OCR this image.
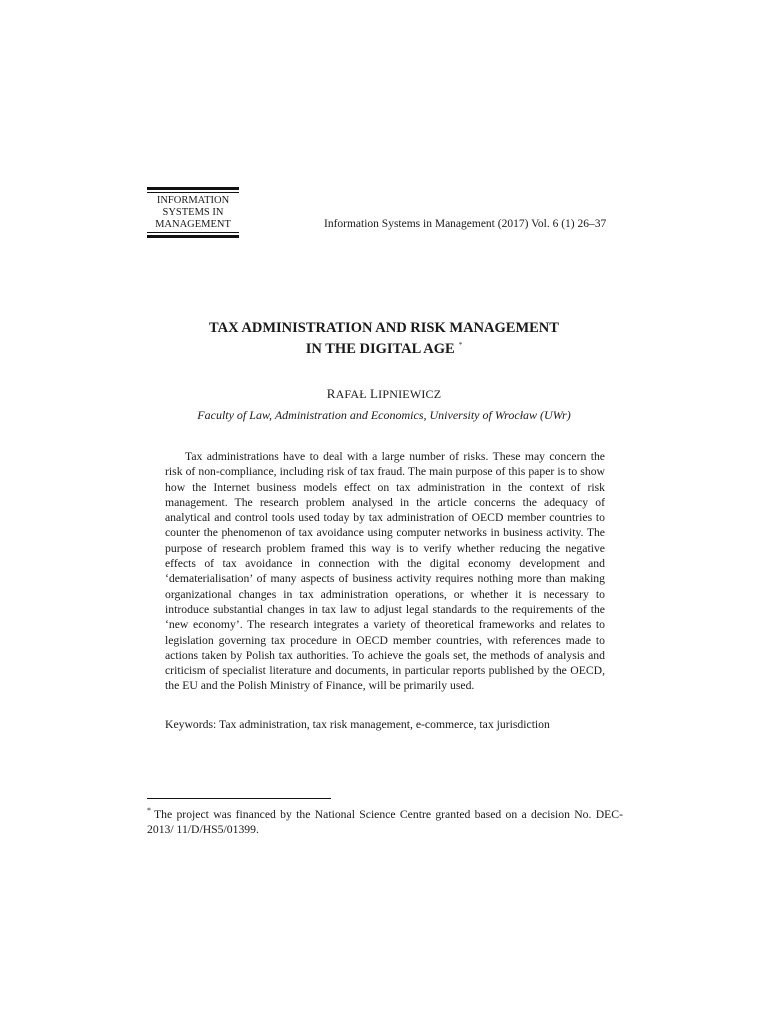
INFORMATION
SYSTEMS IN
MANAGEMENT	Information Systems in Management (2017) Vol. 6 (1) 26–37
TAX ADMINISTRATION AND RISK MANAGEMENT
IN THE DIGITAL AGE *
RAFAŁ LIPNIEWICZ
Faculty of Law, Administration and Economics, University of Wrocław (UWr)

Tax administrations have to deal with a large number of risks. These may concern the risk of non-compliance, including risk of tax fraud. The main purpose of this paper is to show how the Internet business models effect on tax administration in the context of risk management. The research problem analysed in the article concerns the adequacy of analytical and control tools used today by tax administration of OECD member countries to counter the phenomenon of tax avoidance using computer networks in business activity. The purpose of research problem framed this way is to verify whether reducing the negative effects of tax avoidance in connection with the digital economy development and ‘dematerialisation’ of many aspects of business activity requires nothing more than making organizational changes in tax administration operations, or whether it is necessary to introduce substantial changes in tax law to adjust legal standards to the requirements of the ‘new economy’. The research integrates a variety of theoretical frameworks and relates to legislation governing tax procedure in OECD member countries, with references made to actions taken by Polish tax authorities. To achieve the goals set, the methods of analysis and criticism of specialist literature and documents, in particular reports published by the OECD, the EU and the Polish Ministry of Finance, will be primarily used.

Keywords: Tax administration, tax risk management, e-commerce, tax jurisdiction

* The project was financed by the National Science Centre granted based on a decision No. DEC-2013/ 11/D/HS5/01399.
